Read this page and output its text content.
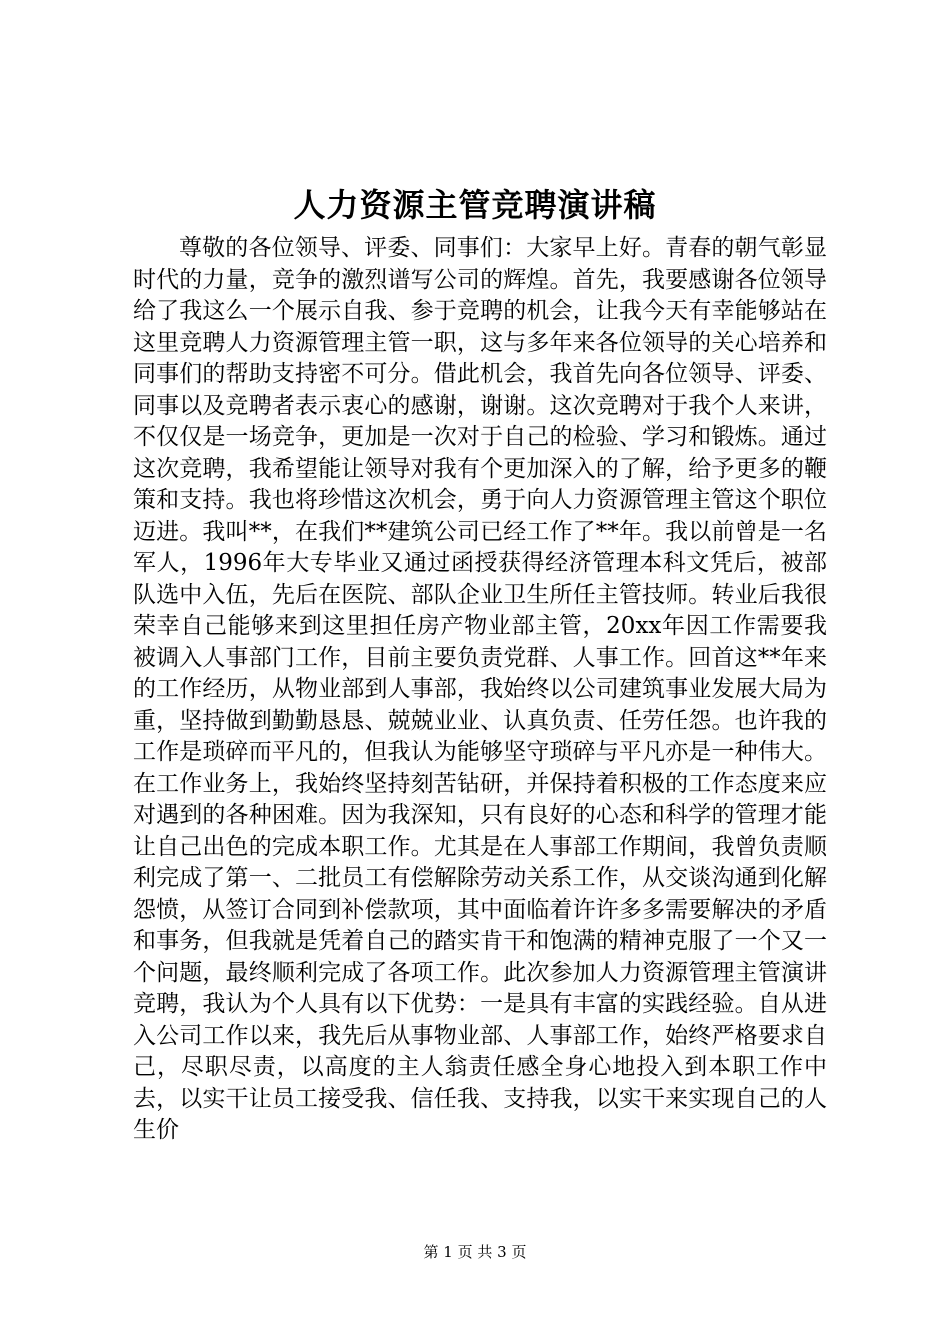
人力资源主管竞聘演讲稿

尊敬的各位领导、评委、同事们：大家早上好。青春的朝气彰显时代的力量，竞争的激烈谱写公司的辉煌。首先，我要感谢各位领导给了我这么一个展示自我、参于竞聘的机会，让我今天有幸能够站在这里竞聘人力资源管理主管一职，这与多年来各位领导的关心培养和同事们的帮助支持密不可分。借此机会，我首先向各位领导、评委、同事以及竞聘者表示衷心的感谢，谢谢。这次竞聘对于我个人来讲，不仅仅是一场竞争，更加是一次对于自己的检验、学习和锻炼。通过这次竞聘，我希望能让领导对我有个更加深入的了解，给予更多的鞭策和支持。我也将珍惜这次机会，勇于向人力资源管理主管这个职位迈进。我叫**，在我们**建筑公司已经工作了**年。我以前曾是一名军人，1996年大专毕业又通过函授获得经济管理本科文凭后，被部队选中入伍，先后在医院、部队企业卫生所任主管技师。转业后我很荣幸自己能够来到这里担任房产物业部主管，20xx年因工作需要我被调入人事部门工作，目前主要负责党群、人事工作。回首这**年来的工作经历，从物业部到人事部，我始终以公司建筑事业发展大局为重，坚持做到勤勤恳恳、兢兢业业、认真负责、任劳任怨。也许我的工作是琐碎而平凡的，但我认为能够坚守琐碎与平凡亦是一种伟大。在工作业务上，我始终坚持刻苦钻研，并保持着积极的工作态度来应对遇到的各种困难。因为我深知，只有良好的心态和科学的管理才能让自己出色的完成本职工作。尤其是在人事部工作期间，我曾负责顺利完成了第一、二批员工有偿解除劳动关系工作，从交谈沟通到化解怨愤，从签订合同到补偿款项，其中面临着许许多多需要解决的矛盾和事务，但我就是凭着自己的踏实肯干和饱满的精神克服了一个又一个问题，最终顺利完成了各项工作。此次参加人力资源管理主管演讲竞聘，我认为个人具有以下优势：一是具有丰富的实践经验。自从进入公司工作以来，我先后从事物业部、人事部工作，始终严格要求自己，尽职尽责，以高度的主人翁责任感全身心地投入到本职工作中去，以实干让员工接受我、信任我、支持我，以实干来实现自己的人生价

第 1 页 共 3 页
